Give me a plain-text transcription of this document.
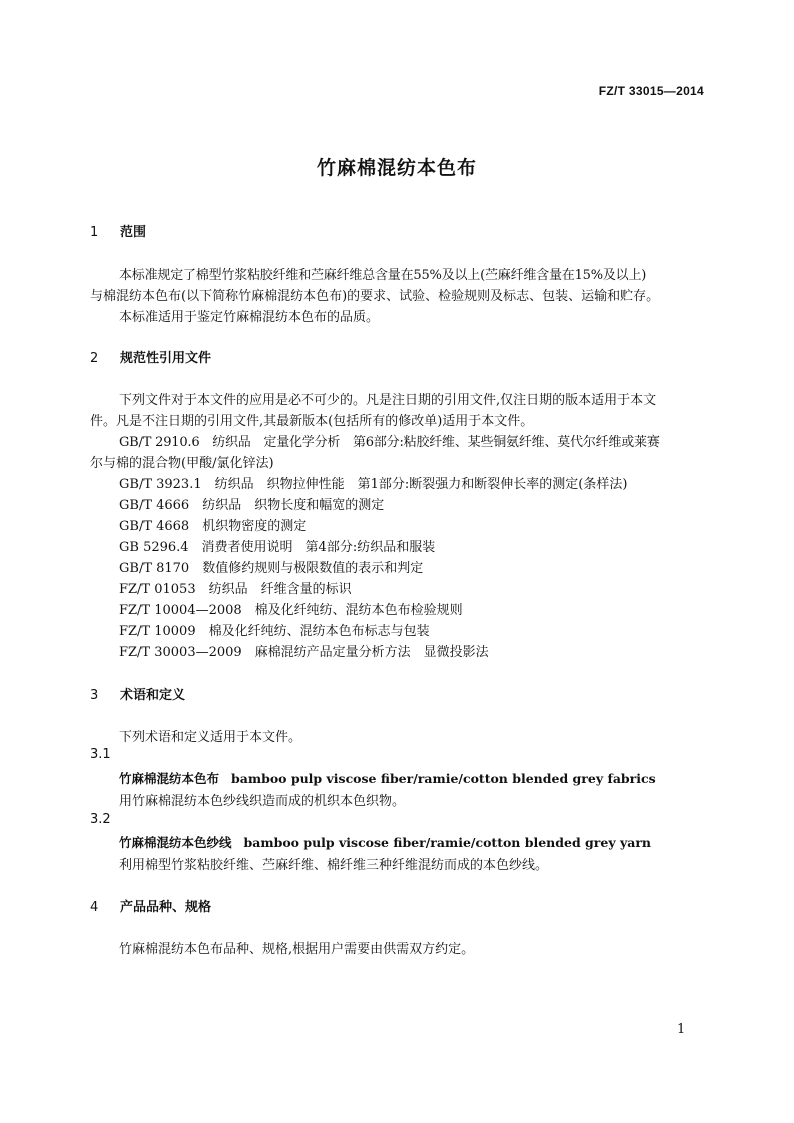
FZ/T 33015—2014
竹麻棉混纺本色布
1 范围
本标准规定了棉型竹浆粘胶纤维和苎麻纤维总含量在55%及以上(苎麻纤维含量在15%及以上)
与棉混纺本色布(以下简称竹麻棉混纺本色布)的要求、试验、检验规则及标志、包装、运输和贮存。
本标准适用于鉴定竹麻棉混纺本色布的品质。
2 规范性引用文件
下列文件对于本文件的应用是必不可少的。凡是注日期的引用文件,仅注日期的版本适用于本文
件。凡是不注日期的引用文件,其最新版本(包括所有的修改单)适用于本文件。
GB/T 2910.6　纺织品　定量化学分析　第6部分:粘胶纤维、某些铜氨纤维、莫代尔纤维或莱赛
尔与棉的混合物(甲酸/氯化锌法)
GB/T 3923.1　纺织品　织物拉伸性能　第1部分:断裂强力和断裂伸长率的测定(条样法)
GB/T 4666　纺织品　织物长度和幅宽的测定
GB/T 4668　机织物密度的测定
GB 5296.4　消费者使用说明　第4部分:纺织品和服装
GB/T 8170　数值修约规则与极限数值的表示和判定
FZ/T 01053　纺织品　纤维含量的标识
FZ/T 10004—2008　棉及化纤纯纺、混纺本色布检验规则
FZ/T 10009　棉及化纤纯纺、混纺本色布标志与包装
FZ/T 30003—2009　麻棉混纺产品定量分析方法　显微投影法
3 术语和定义
下列术语和定义适用于本文件。
3.1
竹麻棉混纺本色布 bamboo pulp viscose fiber/ramie/cotton blended grey fabrics
用竹麻棉混纺本色纱线织造而成的机织本色织物。
3.2
竹麻棉混纺本色纱线 bamboo pulp viscose fiber/ramie/cotton blended grey yarn
利用棉型竹浆粘胶纤维、苎麻纤维、棉纤维三种纤维混纺而成的本色纱线。
4 产品品种、规格
竹麻棉混纺本色布品种、规格,根据用户需要由供需双方约定。
1
